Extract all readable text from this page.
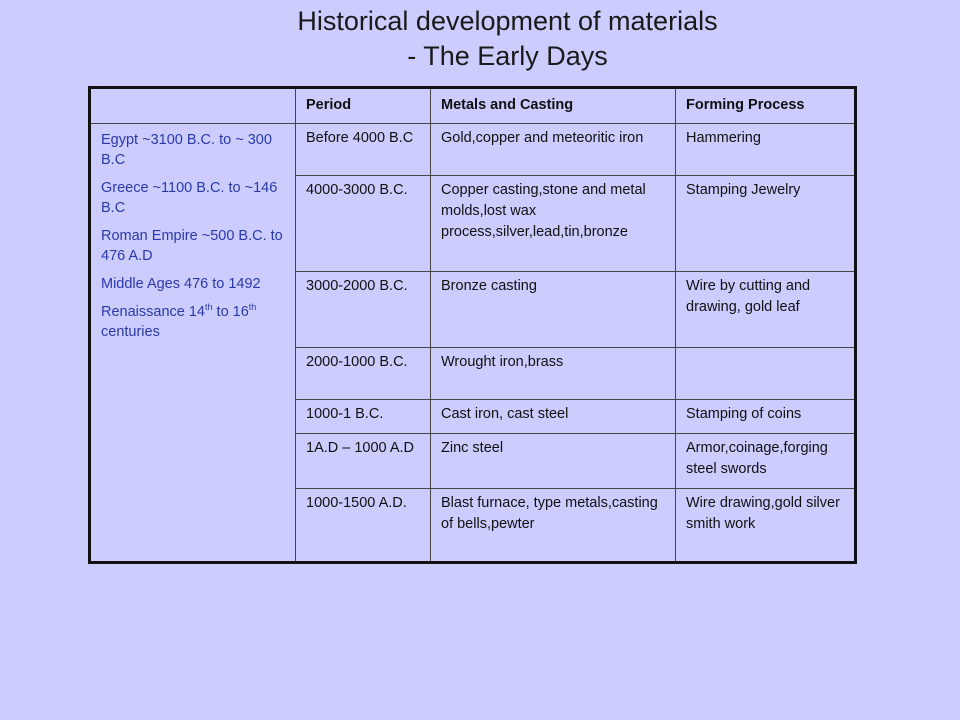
Historical development of materials
- The Early Days
	Period	Metals and Casting	Forming Process

Egypt ~3100 B.C. to ~ 300 B.C

Greece ~1100 B.C. to ~146 B.C

Roman Empire ~500 B.C. to 476 A.D

Middle Ages 476 to 1492

Renaissance 14th to 16th centuries	Before 4000 B.C	Gold,copper and meteoritic iron	Hammering
	4000-3000 B.C.	Copper casting,stone and metal molds,lost wax process,silver,lead,tin,bronze	Stamping Jewelry
	3000-2000 B.C.	Bronze casting	Wire by cutting and drawing, gold leaf
	2000-1000 B.C.	Wrought iron,brass	
	1000-1 B.C.	Cast iron, cast steel	Stamping of coins
	1A.D – 1000 A.D	Zinc steel	Armor,coinage,forging steel swords
	1000-1500 A.D.	Blast furnace, type metals,casting of bells,pewter	Wire drawing,gold silver smith work
